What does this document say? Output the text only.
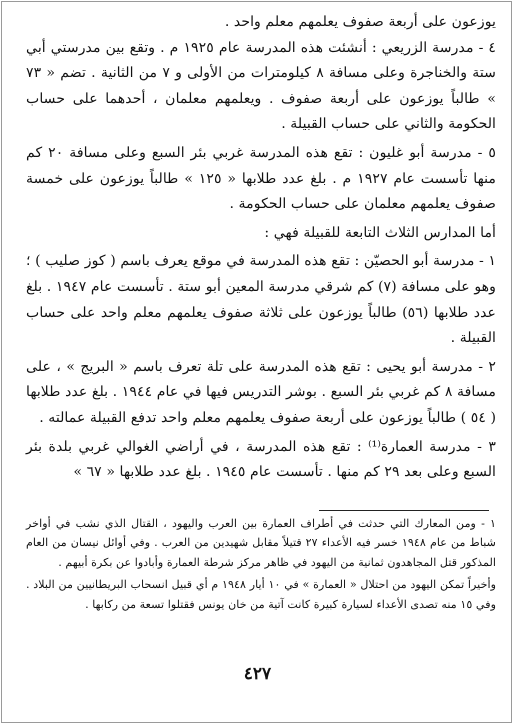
يوزعون على أربعة صفوف يعلمهم معلم واحد .

٤ - مدرسة الزريعي : أنشئت هذه المدرسة عام ١٩٢٥ م . وتقع بين مدرستي أبي ستة والخناجرة وعلى مسافة ٨ كيلومترات من الأولى و ٧ من الثانية . تضم « ٧٣ » طالباً يوزعون على أربعة صفوف . ويعلمهم معلمان ، أحدهما على حساب الحكومة والثاني على حساب القبيلة .

٥ - مدرسة أبو غليون : تقع هذه المدرسة غربي بئر السبع وعلى مسافة ٢٠ كم منها تأسست عام ١٩٢٧ م . بلغ عدد طلابها « ١٢٥ » طالباً يوزعون على خمسة صفوف يعلمهم معلمان على حساب الحكومة .

أما المدارس الثلاث التابعة للقبيلة فهي :

١ - مدرسة أبو الحصيّن : تقع هذه المدرسة في موقع يعرف باسم ( كوز صليب ) ؛ وهو على مسافة (٧) كم شرقي مدرسة المعين أبو ستة . تأسست عام ١٩٤٧ . بلغ عدد طلابها (٥٦) طالباً يوزعون على ثلاثة صفوف يعلمهم معلم واحد على حساب القبيلة .

٢ - مدرسة أبو يحيى : تقع هذه المدرسة على تلة تعرف باسم « البريج » ، على مسافة ٨ كم غربي بئر السبع . بوشر التدريس فيها في عام ١٩٤٤ . بلغ عدد طلابها ( ٥٤ ) طالباً يوزعون على أربعة صفوف يعلمهم معلم واحد تدفع القبيلة عمالته .

٣ - مدرسة العمارة⁽¹⁾ : تقع هذه المدرسة ، في أراضي الغوالي غربي بلدة بئر السبع وعلى بعد ٢٩ كم منها . تأسست عام ١٩٤٥ . بلغ عدد طلابها « ٦٧ »

١ - ومن المعارك التي حدثت في أطراف العمارة بين العرب واليهود ، القتال الذي نشب في أواخر شباط من عام ١٩٤٨ خسر فيه الأعداء ٢٧ قتيلاً مقابل شهيدين من العرب . وفي أوائل نيسان من العام المذكور قتل المجاهدون ثمانية من اليهود في ظاهر مركز شرطة العمارة وأبادوا عن بكرة أبيهم .

وأخيراً تمكن اليهود من احتلال « العمارة » في ١٠ أيار ١٩٤٨ م أي قبيل انسحاب البريطانيين من البلاد . وفي ١٥ منه تصدى الأعداء لسيارة كبيرة كانت آتية من خان يونس فقتلوا تسعة من ركابها .

٤٢٧
